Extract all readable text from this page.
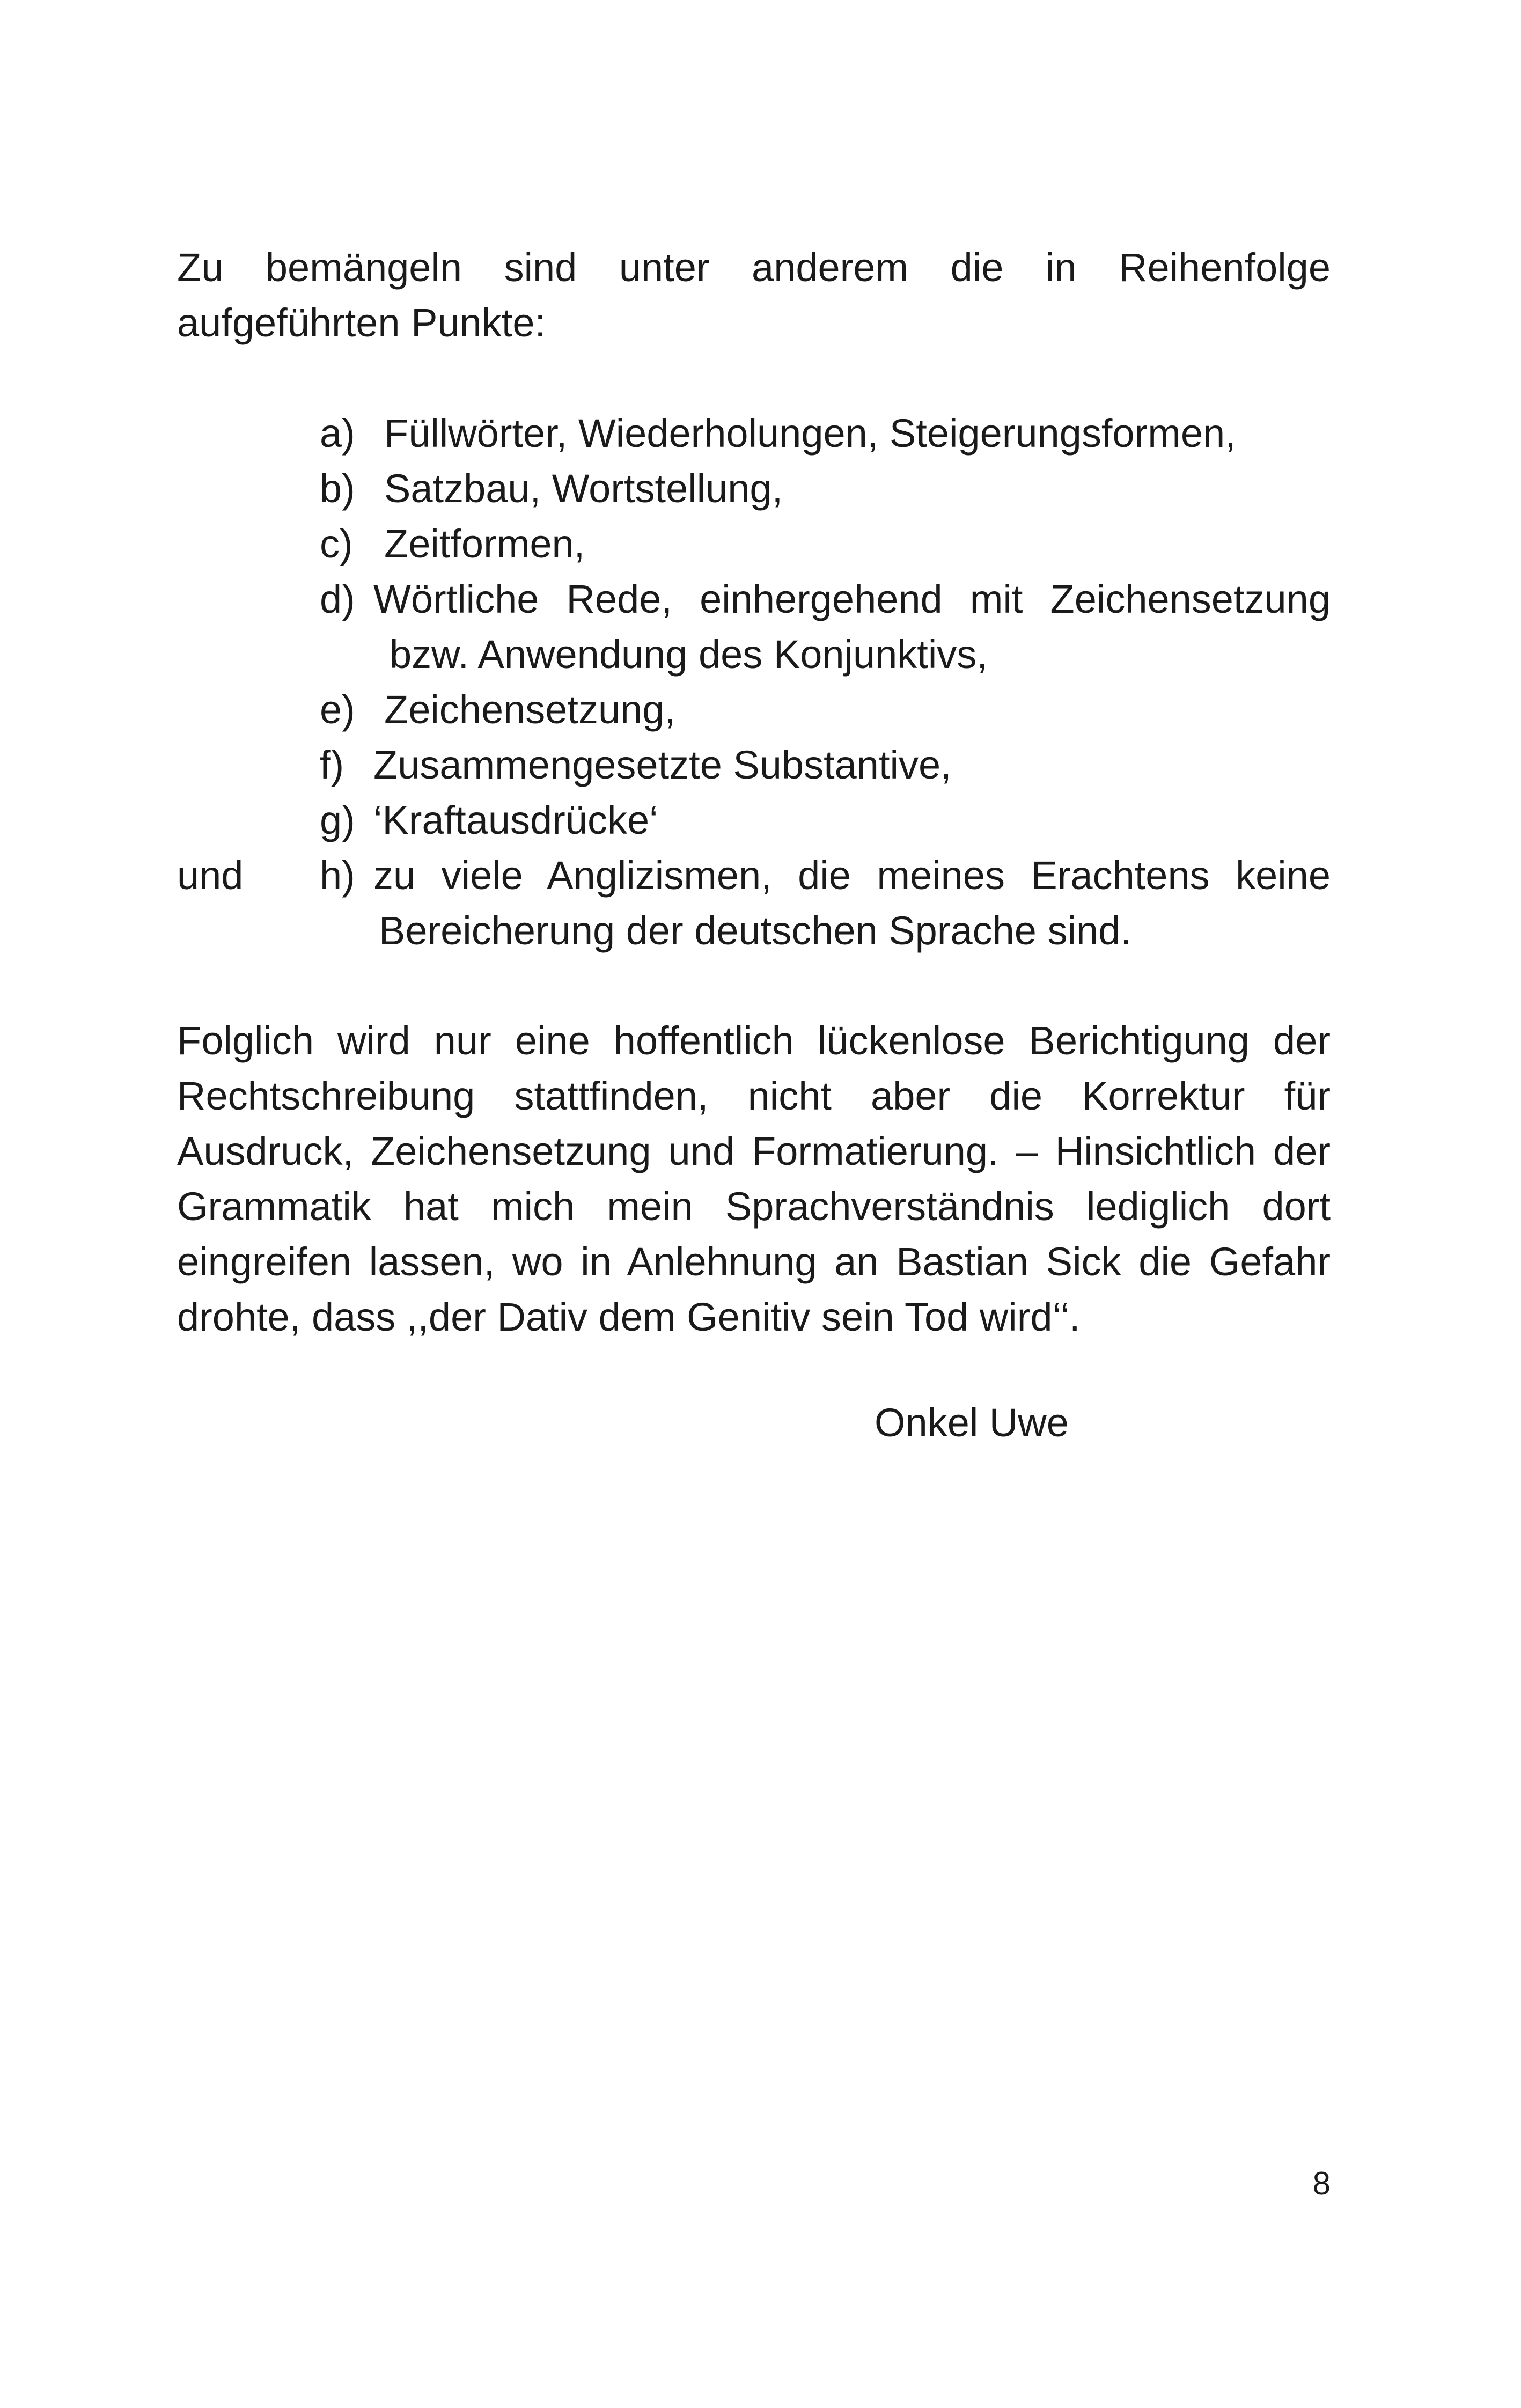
Zu bemängeln sind unter anderem die in Reihenfolge aufgeführten Punkte:
a) Füllwörter, Wiederholungen, Steigerungsformen,
b) Satzbau, Wortstellung,
c) Zeitformen,
d) Wörtliche Rede, einhergehend mit Zeichensetzung
bzw. Anwendung des Konjunktivs,
e) Zeichensetzung,
f) Zusammengesetzte Substantive,
g) ‘Kraftausdrücke‘
und h) zu viele Anglizismen, die meines Erachtens keine
Bereicherung der deutschen Sprache sind.
Folglich wird nur eine hoffentlich lückenlose Berichtigung der Rechtschreibung stattfinden, nicht aber die Korrektur für Ausdruck, Zeichensetzung und Formatierung. – Hinsichtlich der Grammatik hat mich mein Sprachverständnis lediglich dort eingreifen lassen, wo in Anlehnung an Bastian Sick die Gefahr drohte, dass ,,der Dativ dem Genitiv sein Tod wird‘‘.
Onkel Uwe
8
